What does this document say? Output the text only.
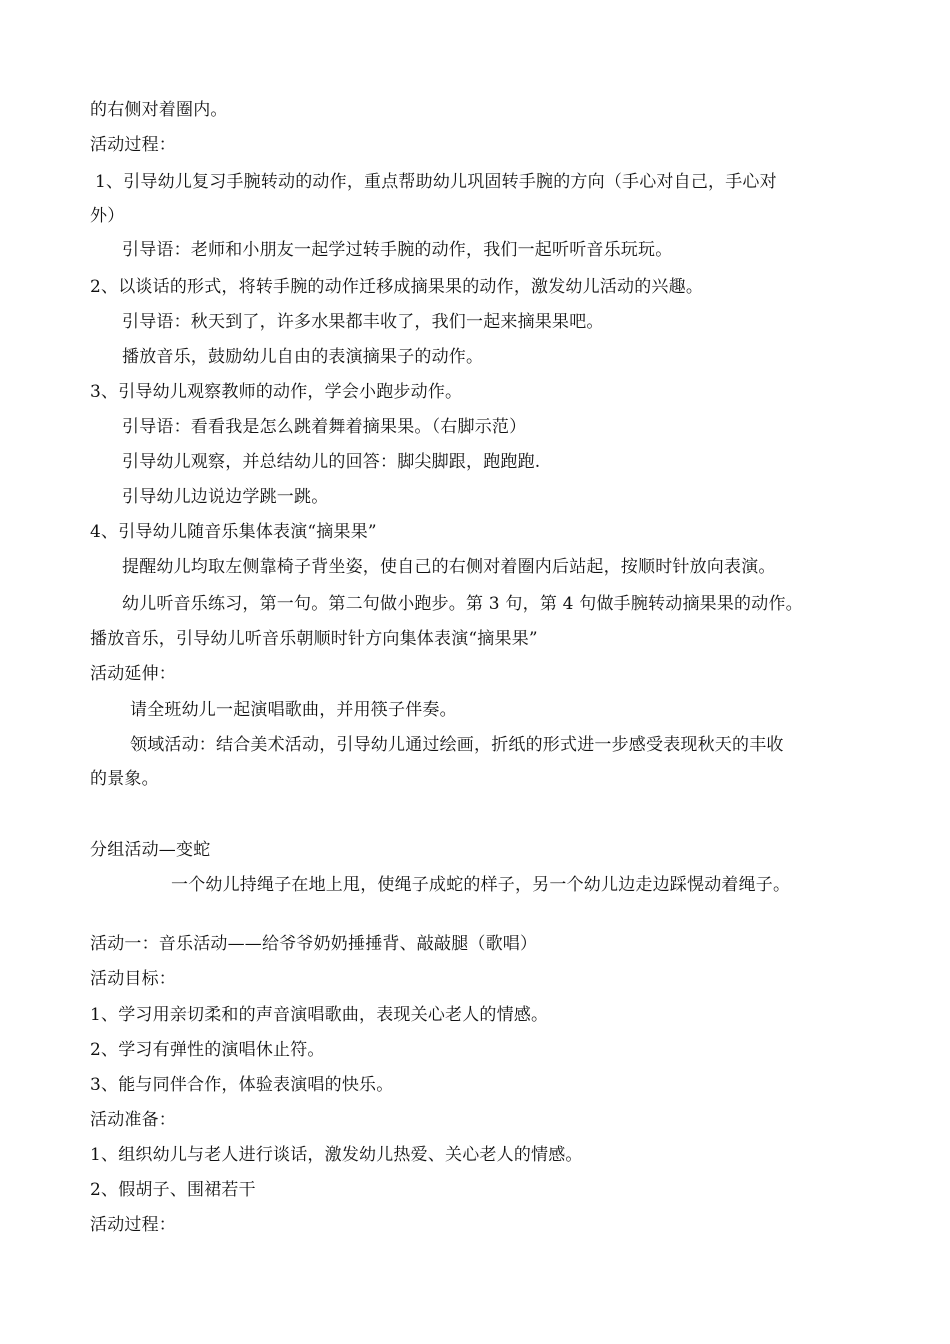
的右侧对着圈内。
活动过程：
1、引导幼儿复习手腕转动的动作，重点帮助幼儿巩固转手腕的方向（手心对自己，手心对
外）
引导语：老师和小朋友一起学过转手腕的动作，我们一起听听音乐玩玩。
2、以谈话的形式，将转手腕的动作迁移成摘果果的动作，激发幼儿活动的兴趣。
引导语：秋天到了，许多水果都丰收了，我们一起来摘果果吧。
播放音乐，鼓励幼儿自由的表演摘果子的动作。
3、引导幼儿观察教师的动作，学会小跑步动作。
引导语：看看我是怎么跳着舞着摘果果。（右脚示范）
引导幼儿观察，并总结幼儿的回答：脚尖脚跟，跑跑跑.
引导幼儿边说边学跳一跳。
4、引导幼儿随音乐集体表演“摘果果”
提醒幼儿均取左侧靠椅子背坐姿，使自己的右侧对着圈内后站起，按顺时针放向表演。
幼儿听音乐练习，第一句。第二句做小跑步。第 3 句，第 4 句做手腕转动摘果果的动作。
播放音乐，引导幼儿听音乐朝顺时针方向集体表演“摘果果”
活动延伸：
请全班幼儿一起演唱歌曲，并用筷子伴奏。
领域活动：结合美术活动，引导幼儿通过绘画，折纸的形式进一步感受表现秋天的丰收
的景象。
分组活动—变蛇
一个幼儿持绳子在地上甩，使绳子成蛇的样子，另一个幼儿边走边踩愰动着绳子。
活动一：音乐活动——给爷爷奶奶捶捶背、敲敲腿（歌唱）
活动目标：
1、学习用亲切柔和的声音演唱歌曲，表现关心老人的情感。
2、学习有弹性的演唱休止符。
3、能与同伴合作，体验表演唱的快乐。
活动准备：
1、组织幼儿与老人进行谈话，激发幼儿热爱、关心老人的情感。
2、假胡子、围裙若干
活动过程：
